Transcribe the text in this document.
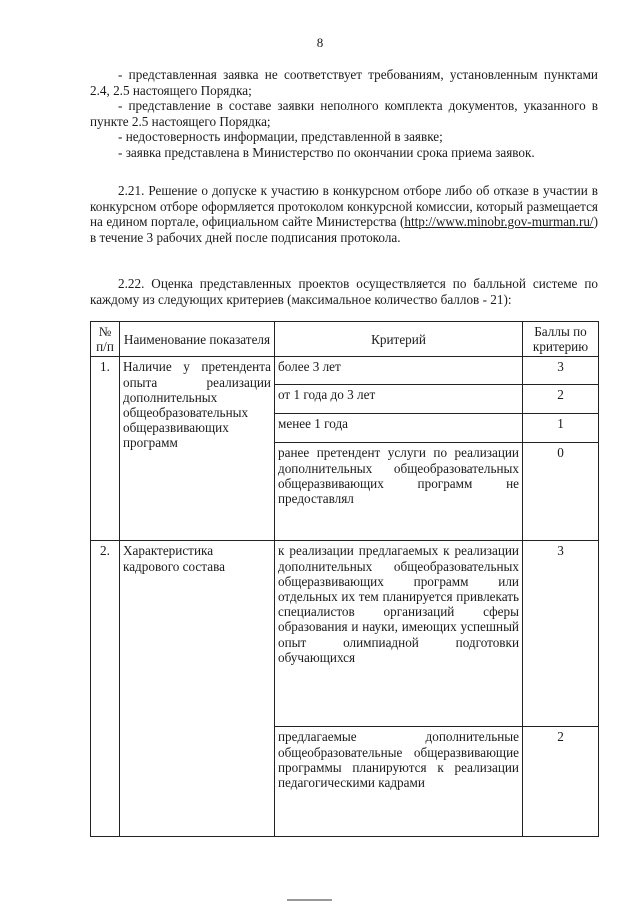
8

- представленная заявка не соответствует требованиям, установленным пунктами 2.4, 2.5 настоящего Порядка;

- представление в составе заявки неполного комплекта документов, указанного в пункте 2.5 настоящего Порядка;

- недостоверность информации, представленной в заявке;

- заявка представлена в Министерство по окончании срока приема заявок.

2.21. Решение о допуске к участию в конкурсном отборе либо об отказе в участии в конкурсном отборе оформляется протоколом конкурсной комиссии, который размещается на едином портале, официальном сайте Министерства (http://www.minobr.gov-murman.ru/) в течение 3 рабочих дней после подписания протокола.

2.22. Оценка представленных проектов осуществляется по балльной системе по каждому из следующих критериев (максимальное количество баллов - 21):

№ п/п	Наименование показателя	Критерий	Баллы по критерию
1.	Наличие у претендента опыта реализации дополнительных общеобразовательных общеразвивающих программ	более 3 лет	3
		от 1 года до 3 лет	2
		менее 1 года	1
		ранее претендент услуги по реализации дополнительных общеобразовательных общеразвивающих программ не предоставлял	0
2.	Характеристика кадрового состава	к реализации предлагаемых к реализации дополнительных общеобразовательных общеразвивающих программ или отдельных их тем планируется привлекать специалистов организаций сферы образования и науки, имеющих успешный опыт олимпиадной подготовки обучающихся	3
		предлагаемые дополнительные общеобразовательные общеразвивающие программы планируются к реализации педагогическими кадрами	2
